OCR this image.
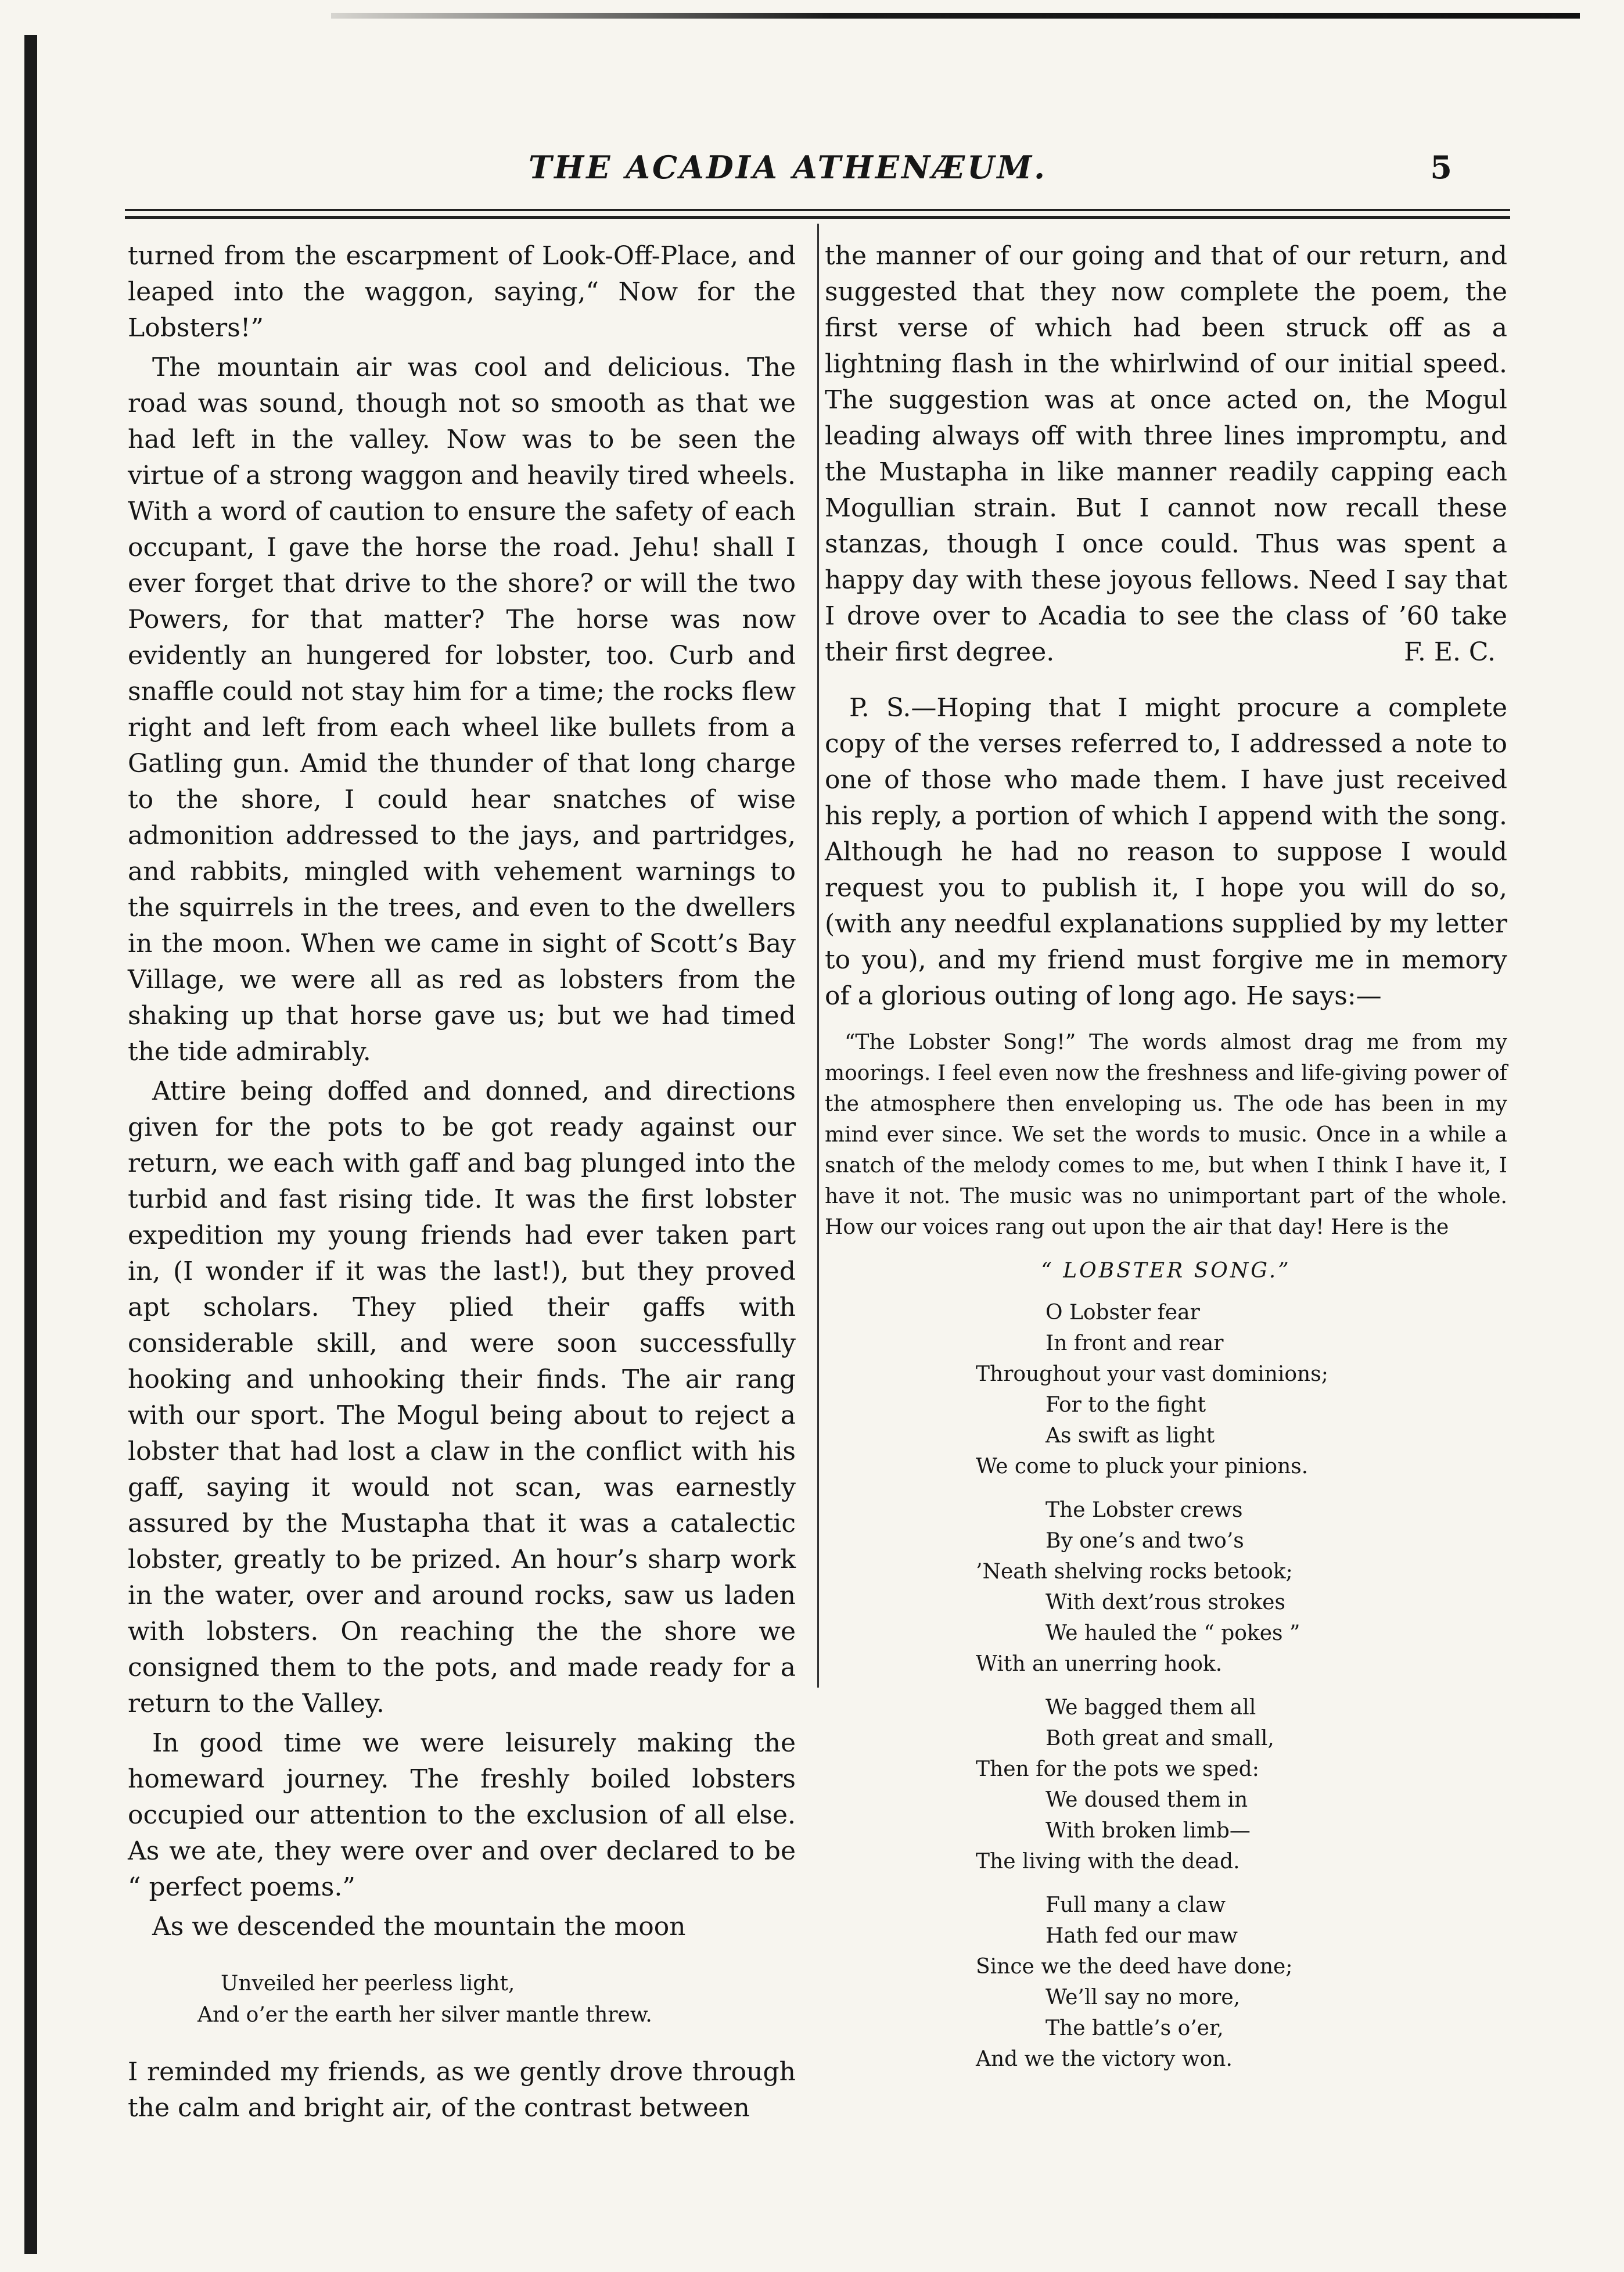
THE ACADIA ATHENÆUM.	5

turned from the escarpment of Look-Off-Place, and leaped into the waggon, saying,“ Now for the Lobsters!”

The mountain air was cool and delicious. The road was sound, though not so smooth as that we had left in the valley. Now was to be seen the virtue of a strong waggon and heavily tired wheels. With a word of caution to ensure the safety of each occupant, I gave the horse the road. Jehu! shall I ever forget that drive to the shore? or will the two Powers, for that matter? The horse was now evidently an hungered for lobster, too. Curb and snaffle could not stay him for a time; the rocks flew right and left from each wheel like bullets from a Gatling gun. Amid the thunder of that long charge to the shore, I could hear snatches of wise admonition addressed to the jays, and partridges, and rabbits, mingled with vehement warnings to the squirrels in the trees, and even to the dwellers in the moon. When we came in sight of Scott’s Bay Village, we were all as red as lobsters from the shaking up that horse gave us; but we had timed the tide admirably.

Attire being doffed and donned, and directions given for the pots to be got ready against our return, we each with gaff and bag plunged into the turbid and fast rising tide. It was the first lobster expedition my young friends had ever taken part in, (I wonder if it was the last!), but they proved apt scholars. They plied their gaffs with considerable skill, and were soon successfully hooking and unhooking their finds. The air rang with our sport. The Mogul being about to reject a lobster that had lost a claw in the conflict with his gaff, saying it would not scan, was earnestly assured by the Mustapha that it was a catalectic lobster, greatly to be prized. An hour’s sharp work in the water, over and around rocks, saw us laden with lobsters. On reaching the the shore we consigned them to the pots, and made ready for a return to the Valley.

In good time we were leisurely making the homeward journey. The freshly boiled lobsters occupied our attention to the exclusion of all else. As we ate, they were over and over declared to be “ perfect poems.”

As we descended the mountain the moon

Unveiled her peerless light,
And o’er the earth her silver mantle threw.

I reminded my friends, as we gently drove through the calm and bright air, of the contrast between

the manner of our going and that of our return, and suggested that they now complete the poem, the first verse of which had been struck off as a lightning flash in the whirlwind of our initial speed. The suggestion was at once acted on, the Mogul leading always off with three lines impromptu, and the Mustapha in like manner readily capping each Mogullian strain. But I cannot now recall these stanzas, though I once could. Thus was spent a happy day with these joyous fellows. Need I say that I drove over to Acadia to see the class of ’60 take their first degree.	F. E. C.

P. S.—Hoping that I might procure a complete copy of the verses referred to, I addressed a note to one of those who made them. I have just received his reply, a portion of which I append with the song. Although he had no reason to suppose I would request you to publish it, I hope you will do so, (with any needful explanations supplied by my letter to you), and my friend must forgive me in memory of a glorious outing of long ago. He says:—

“The Lobster Song!” The words almost drag me from my moorings. I feel even now the freshness and life-giving power of the atmosphere then enveloping us. The ode has been in my mind ever since. We set the words to music. Once in a while a snatch of the melody comes to me, but when I think I have it, I have it not. The music was no unimportant part of the whole. How our voices rang out upon the air that day! Here is the

“ LOBSTER SONG.”
O Lobster fear
In front and rear
Throughout your vast dominions;
For to the fight
As swift as light
We come to pluck your pinions.
The Lobster crews
By one’s and two’s
’Neath shelving rocks betook;
With dext’rous strokes
We hauled the “ pokes ”
With an unerring hook.
We bagged them all
Both great and small,
Then for the pots we sped:
We doused them in
With broken limb—
The living with the dead.
Full many a claw
Hath fed our maw
Since we the deed have done;
We’ll say no more,
The battle’s o’er,
And we the victory won.
